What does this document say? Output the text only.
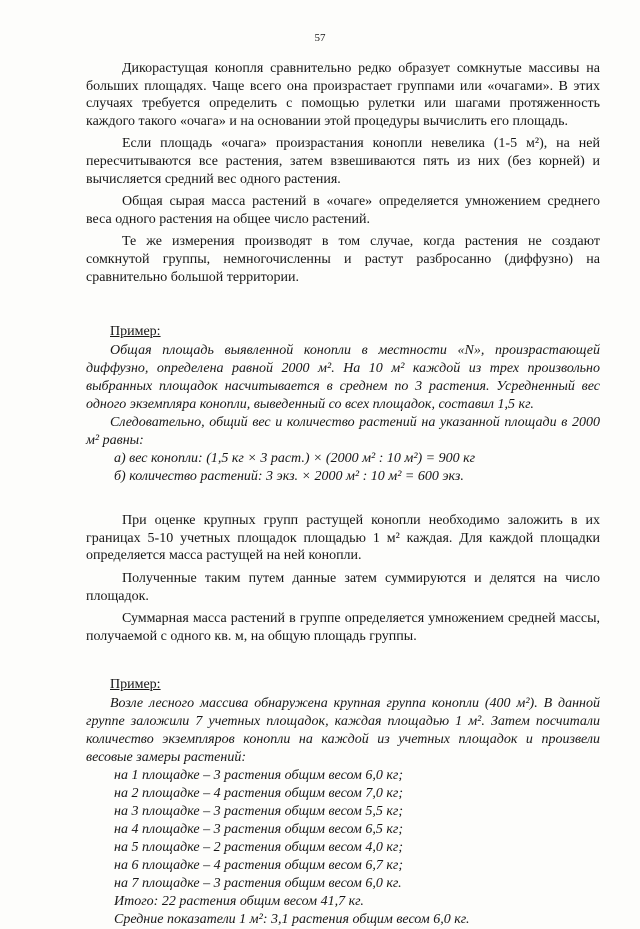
57

Дикорастущая конопля сравнительно редко образует сомкнутые массивы на больших площадях. Чаще всего она произрастает группами или «очагами». В этих случаях требуется определить с помощью рулетки или шагами протяженность каждого такого «очага» и на основании этой процедуры вычислить его площадь.

Если площадь «очага» произрастания конопли невелика (1-5 м²), на ней пересчитываются все растения, затем взвешиваются пять из них (без корней) и вычисляется средний вес одного растения.

Общая сырая масса растений в «очаге» определяется умножением среднего веса одного растения на общее число растений.

Те же измерения производят в том случае, когда растения не создают сомкнутой группы, немногочисленны и растут разбросанно (диффузно) на сравнительно большой территории.

Пример:
Общая площадь выявленной конопли в местности «N», произрастающей диффузно, определена равной 2000 м². На 10 м² каждой из трех произвольно выбранных площадок насчитывается в среднем по 3 растения. Усредненный вес одного экземпляра конопли, выведенный со всех площадок, составил 1,5 кг.
Следовательно, общий вес и количество растений на указанной площади в 2000 м² равны:
а) вес конопли: (1,5 кг × 3 раст.) × (2000 м² : 10 м²) = 900 кг
б) количество растений: 3 экз. × 2000 м² : 10 м² = 600 экз.

При оценке крупных групп растущей конопли необходимо заложить в их границах 5-10 учетных площадок площадью 1 м² каждая. Для каждой площадки определяется масса растущей на ней конопли.

Полученные таким путем данные затем суммируются и делятся на число площадок.

Суммарная масса растений в группе определяется умножением средней массы, получаемой с одного кв. м, на общую площадь группы.

Пример:
Возле лесного массива обнаружена крупная группа конопли (400 м²). В данной группе заложили 7 учетных площадок, каждая площадью 1 м². Затем посчитали количество экземпляров конопли на каждой из учетных площадок и произвели весовые замеры растений:
на 1 площадке – 3 растения общим весом 6,0 кг;
на 2 площадке – 4 растения общим весом 7,0 кг;
на 3 площадке – 3 растения общим весом 5,5 кг;
на 4 площадке – 3 растения общим весом 6,5 кг;
на 5 площадке – 2 растения общим весом 4,0 кг;
на 6 площадке – 4 растения общим весом 6,7 кг;
на 7 площадке – 3 растения общим весом 6,0 кг.
Итого: 22 растения общим весом 41,7 кг.
Средние показатели 1 м²: 3,1 растения общим весом 6,0 кг.
